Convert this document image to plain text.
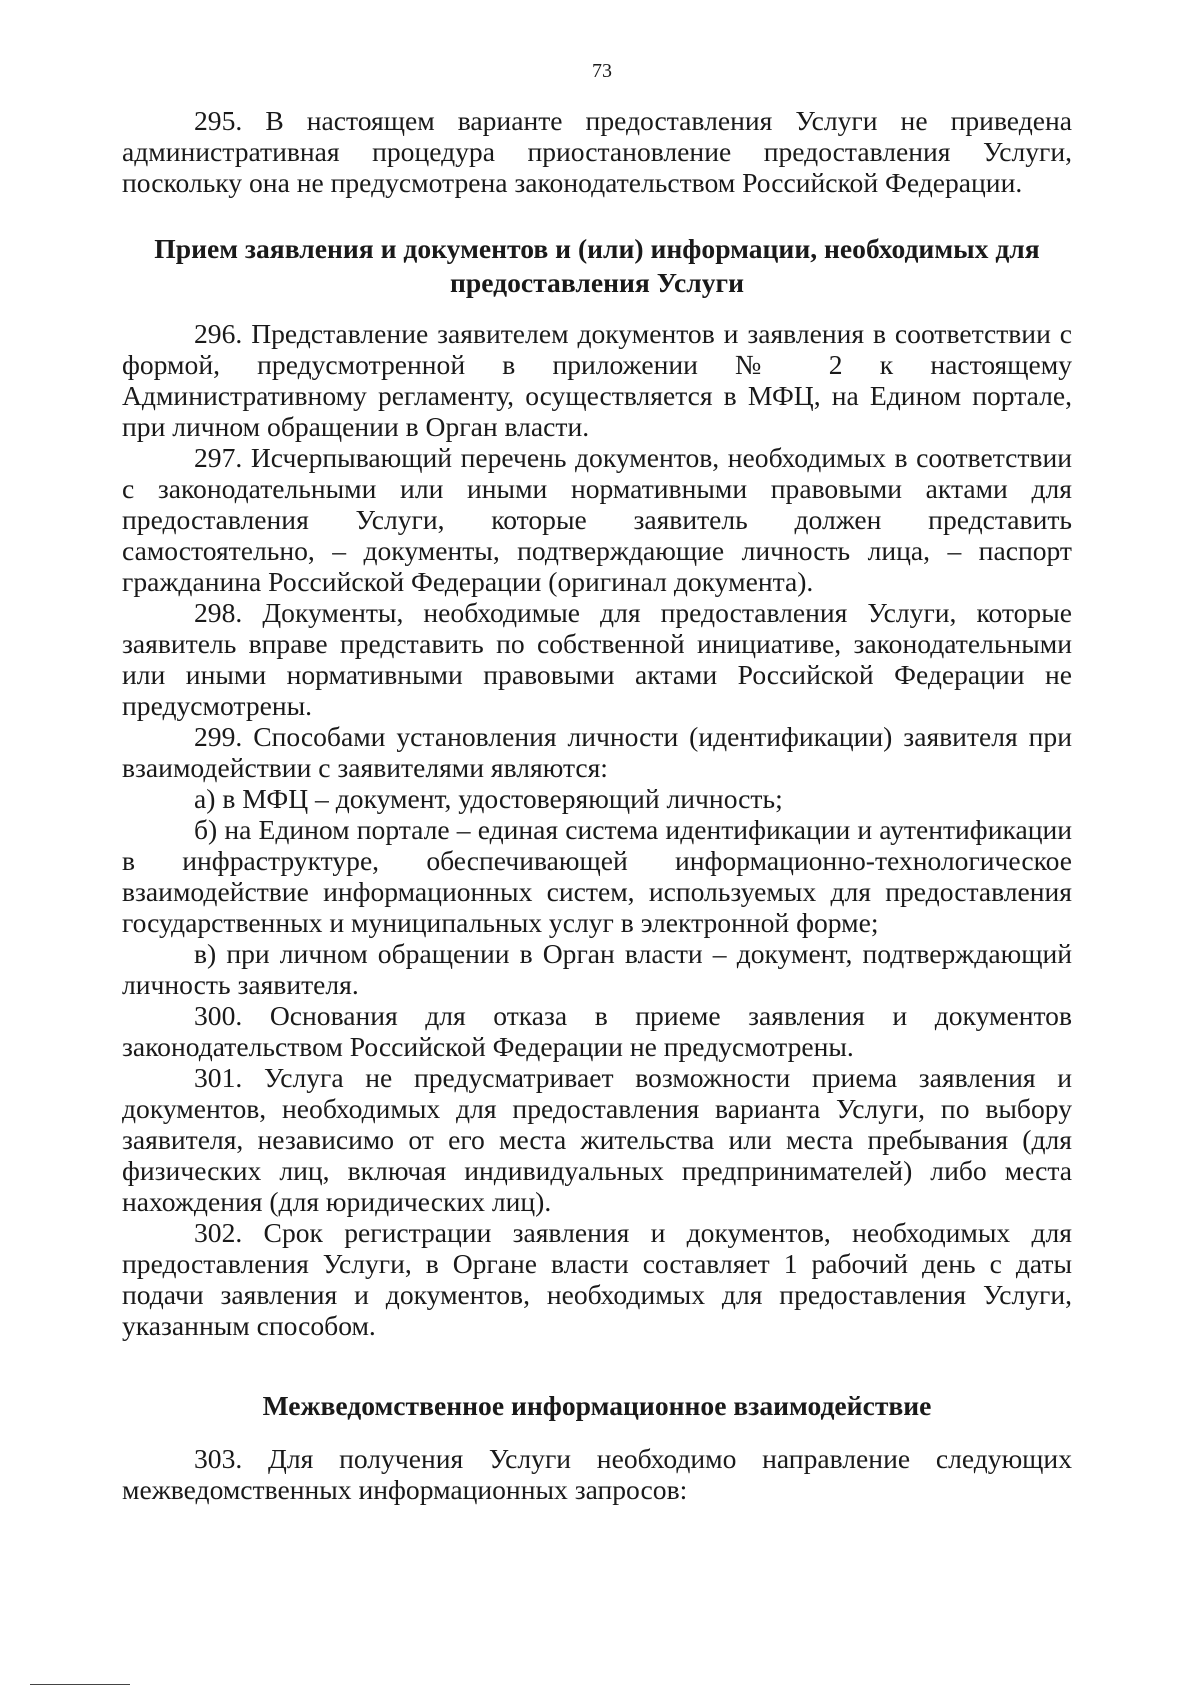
73

295. В настоящем варианте предоставления Услуги не приведена административная процедура приостановление предоставления Услуги, поскольку она не предусмотрена законодательством Российской Федерации.

Прием заявления и документов и (или) информации, необходимых для предоставления Услуги

296. Представление заявителем документов и заявления в соответствии с формой, предусмотренной в приложении № 2 к настоящему Административному регламенту, осуществляется в МФЦ, на Едином портале, при личном обращении в Орган власти.

297. Исчерпывающий перечень документов, необходимых в соответствии с законодательными или иными нормативными правовыми актами для предоставления Услуги, которые заявитель должен представить самостоятельно, – документы, подтверждающие личность лица, – паспорт гражданина Российской Федерации (оригинал документа).

298. Документы, необходимые для предоставления Услуги, которые заявитель вправе представить по собственной инициативе, законодательными или иными нормативными правовыми актами Российской Федерации не предусмотрены.

299. Способами установления личности (идентификации) заявителя при взаимодействии с заявителями являются:

а) в МФЦ – документ, удостоверяющий личность;

б) на Едином портале – единая система идентификации и аутентификации в инфраструктуре, обеспечивающей информационно-технологическое взаимодействие информационных систем, используемых для предоставления государственных и муниципальных услуг в электронной форме;

в) при личном обращении в Орган власти – документ, подтверждающий личность заявителя.

300. Основания для отказа в приеме заявления и документов законодательством Российской Федерации не предусмотрены.

301. Услуга не предусматривает возможности приема заявления и документов, необходимых для предоставления варианта Услуги, по выбору заявителя, независимо от его места жительства или места пребывания (для физических лиц, включая индивидуальных предпринимателей) либо места нахождения (для юридических лиц).

302. Срок регистрации заявления и документов, необходимых для предоставления Услуги, в Органе власти составляет 1 рабочий день с даты подачи заявления и документов, необходимых для предоставления Услуги, указанным способом.

Межведомственное информационное взаимодействие

303. Для получения Услуги необходимо направление следующих межведомственных информационных запросов:
